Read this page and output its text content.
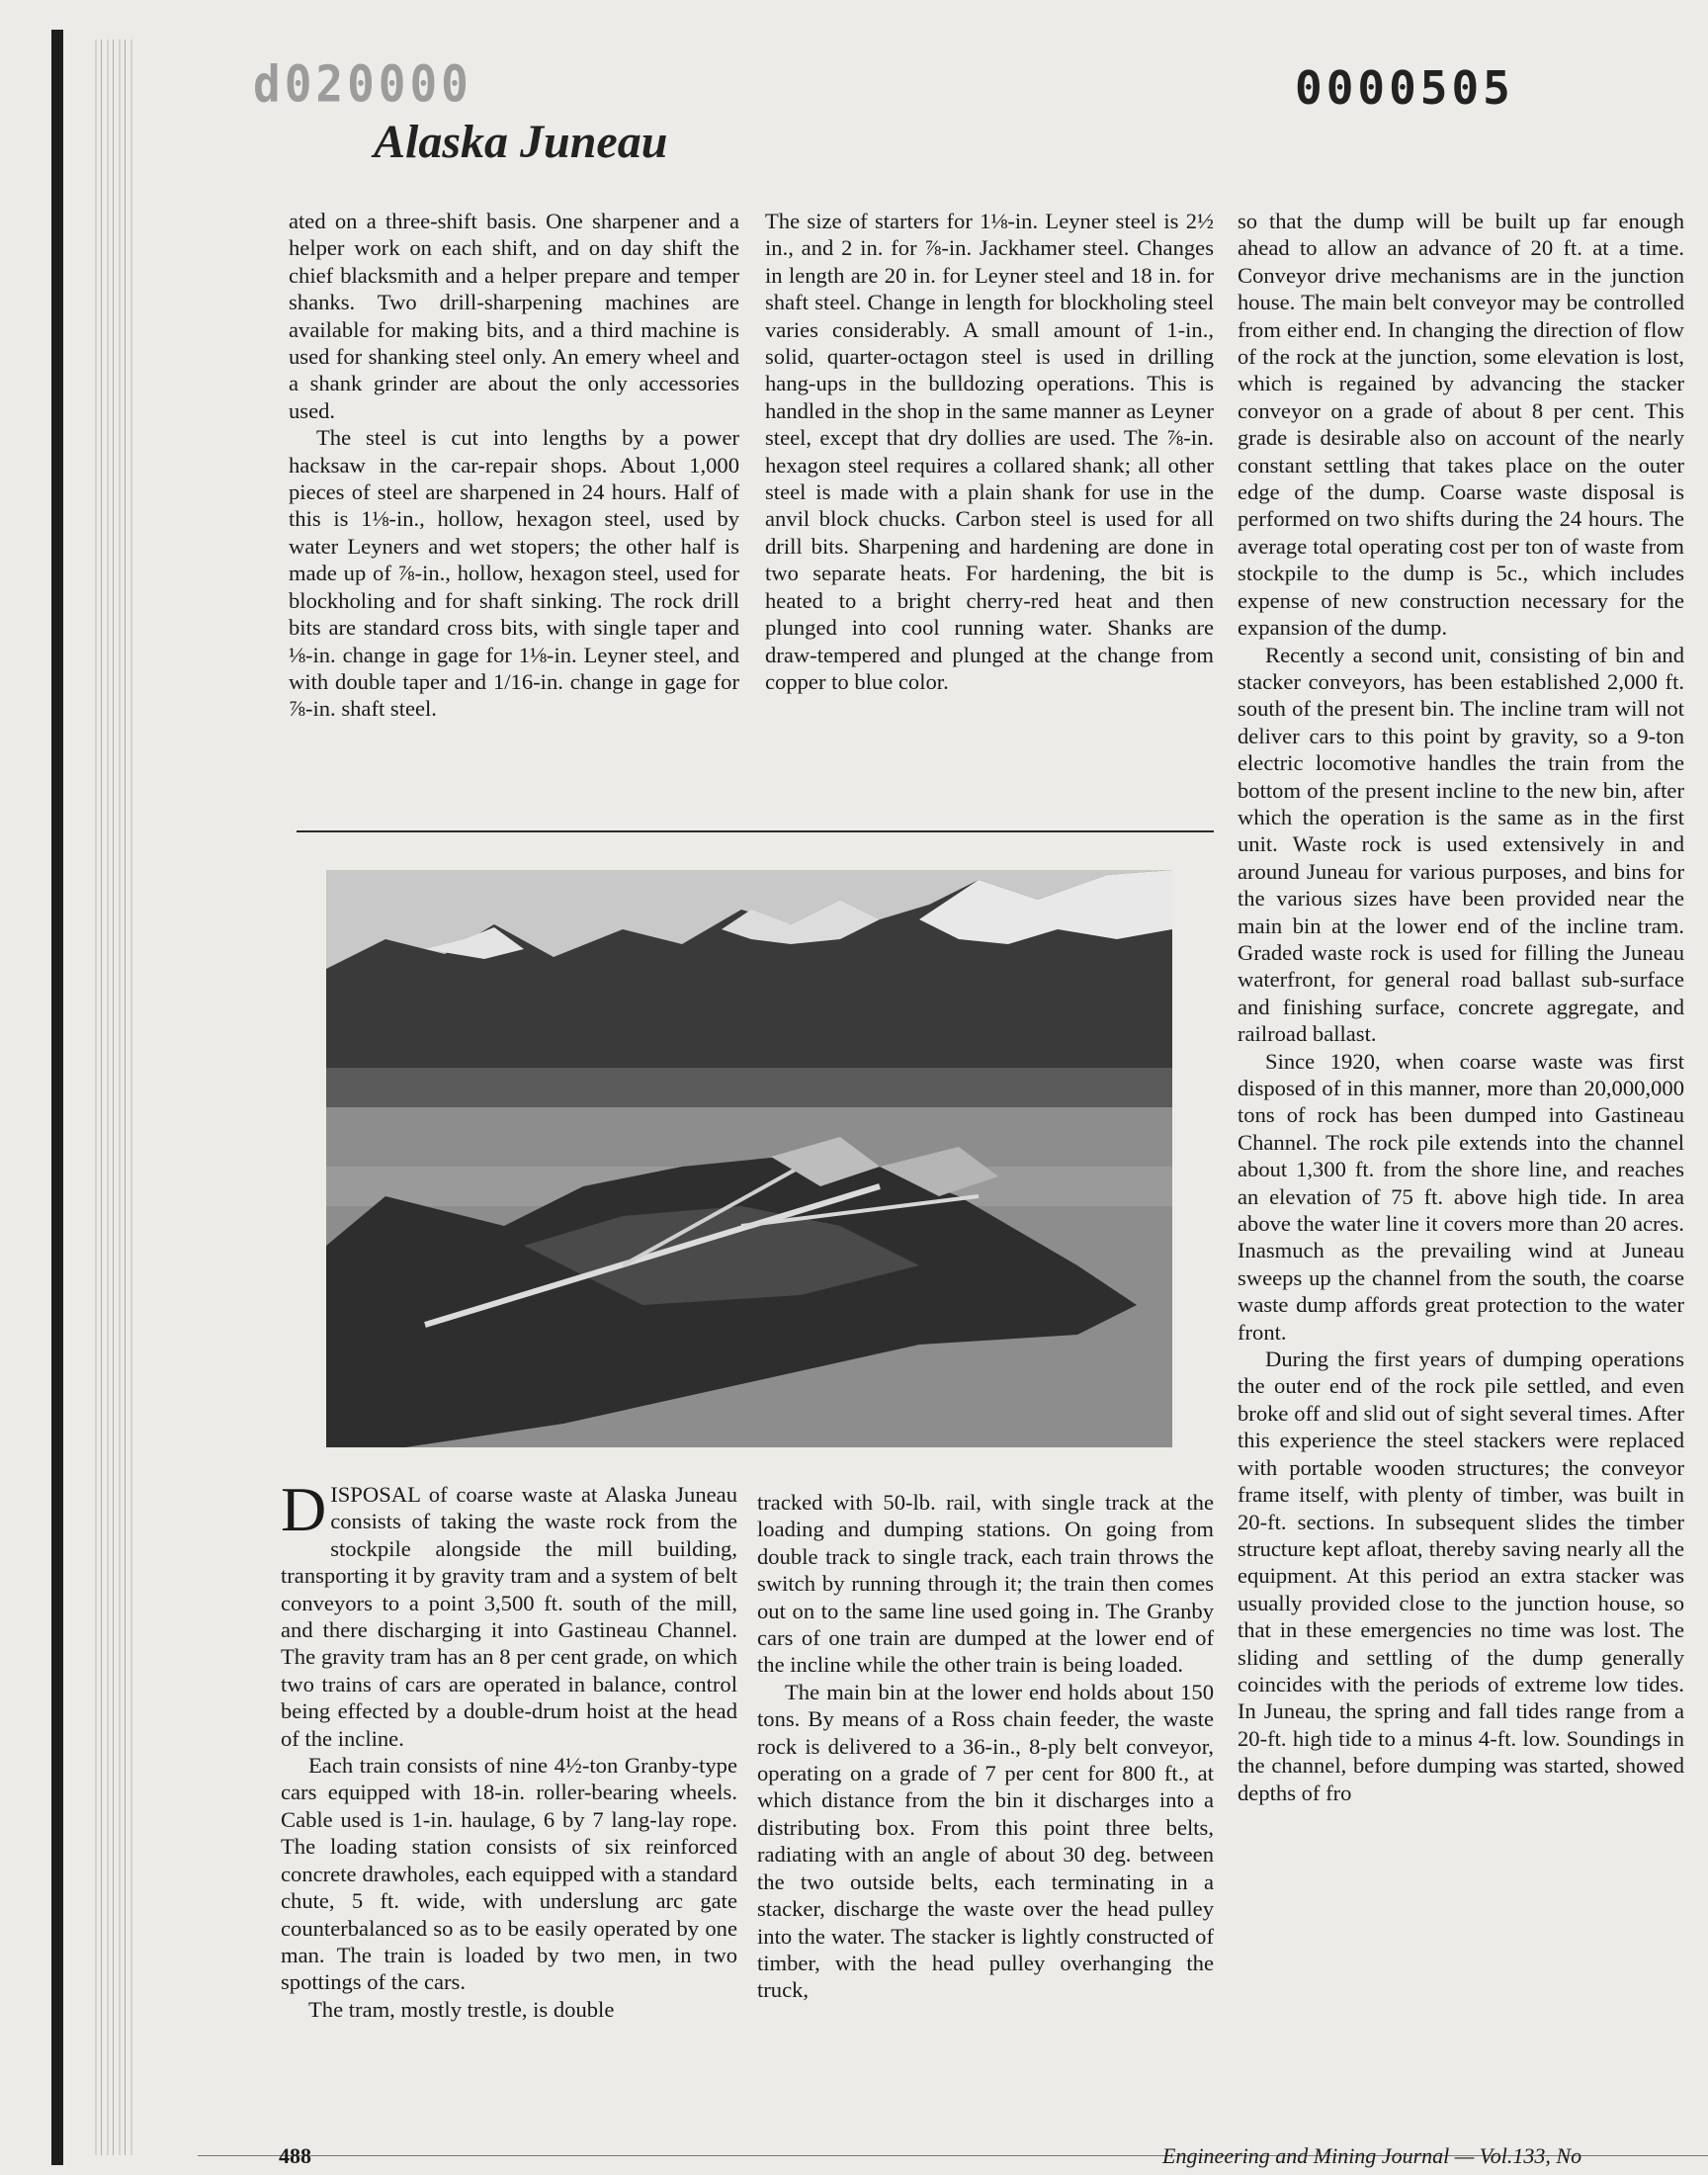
d020000	0000505
Alaska Juneau

ated on a three-shift basis. One sharpener and a helper work on each shift, and on day shift the chief blacksmith and a helper prepare and temper shanks. Two drill-sharpening machines are available for making bits, and a third machine is used for shanking steel only. An emery wheel and a shank grinder are about the only accessories used.

The steel is cut into lengths by a power hacksaw in the car-repair shops. About 1,000 pieces of steel are sharpened in 24 hours. Half of this is 1⅛-in., hollow, hexagon steel, used by water Leyners and wet stopers; the other half is made up of ⅞-in., hollow, hexagon steel, used for blockholing and for shaft sinking. The rock drill bits are standard cross bits, with single taper and ⅛-in. change in gage for 1⅛-in. Leyner steel, and with double taper and 1/16-in. change in gage for ⅞-in. shaft steel.

The size of starters for 1⅛-in. Leyner steel is 2½ in., and 2 in. for ⅞-in. Jackhamer steel. Changes in length are 20 in. for Leyner steel and 18 in. for shaft steel. Change in length for blockholing steel varies considerably. A small amount of 1-in., solid, quarter-octagon steel is used in drilling hang-ups in the bulldozing operations. This is handled in the shop in the same manner as Leyner steel, except that dry dollies are used. The ⅞-in. hexagon steel requires a collared shank; all other steel is made with a plain shank for use in the anvil block chucks. Carbon steel is used for all drill bits. Sharpening and hardening are done in two separate heats. For hardening, the bit is heated to a bright cherry-red heat and then plunged into cool running water. Shanks are draw-tempered and plunged at the change from copper to blue color.

DISPOSAL of coarse waste at Alaska Juneau consists of taking the waste rock from the stockpile alongside the mill building, transporting it by gravity tram and a system of belt conveyors to a point 3,500 ft. south of the mill, and there discharging it into Gastineau Channel. The gravity tram has an 8 per cent grade, on which two trains of cars are operated in balance, control being effected by a double-drum hoist at the head of the incline.

Each train consists of nine 4½-ton Granby-type cars equipped with 18-in. roller-bearing wheels. Cable used is 1-in. haulage, 6 by 7 lang-lay rope. The loading station consists of six reinforced concrete drawholes, each equipped with a standard chute, 5 ft. wide, with underslung arc gate counterbalanced so as to be easily operated by one man. The train is loaded by two men, in two spottings of the cars.

The tram, mostly trestle, is double

tracked with 50-lb. rail, with single track at the loading and dumping stations. On going from double track to single track, each train throws the switch by running through it; the train then comes out on to the same line used going in. The Granby cars of one train are dumped at the lower end of the incline while the other train is being loaded.

The main bin at the lower end holds about 150 tons. By means of a Ross chain feeder, the waste rock is delivered to a 36-in., 8-ply belt conveyor, operating on a grade of 7 per cent for 800 ft., at which distance from the bin it discharges into a distributing box. From this point three belts, radiating with an angle of about 30 deg. between the two outside belts, each terminating in a stacker, discharge the waste over the head pulley into the water. The stacker is lightly constructed of timber, with the head pulley overhanging the truck,

so that the dump will be built up far enough ahead to allow an advance of 20 ft. at a time. Conveyor drive mechanisms are in the junction house. The main belt conveyor may be controlled from either end. In changing the direction of flow of the rock at the junction, some elevation is lost, which is regained by advancing the stacker conveyor on a grade of about 8 per cent. This grade is desirable also on account of the nearly constant settling that takes place on the outer edge of the dump. Coarse waste disposal is performed on two shifts during the 24 hours. The average total operating cost per ton of waste from stockpile to the dump is 5c., which includes expense of new construction necessary for the expansion of the dump.

Recently a second unit, consisting of bin and stacker conveyors, has been established 2,000 ft. south of the present bin. The incline tram will not deliver cars to this point by gravity, so a 9-ton electric locomotive handles the train from the bottom of the present incline to the new bin, after which the operation is the same as in the first unit. Waste rock is used extensively in and around Juneau for various purposes, and bins for the various sizes have been provided near the main bin at the lower end of the incline tram. Graded waste rock is used for filling the Juneau waterfront, for general road ballast sub-surface and finishing surface, concrete aggregate, and railroad ballast.

Since 1920, when coarse waste was first disposed of in this manner, more than 20,000,000 tons of rock has been dumped into Gastineau Channel. The rock pile extends into the channel about 1,300 ft. from the shore line, and reaches an elevation of 75 ft. above high tide. In area above the water line it covers more than 20 acres. Inasmuch as the prevailing wind at Juneau sweeps up the channel from the south, the coarse waste dump affords great protection to the water front.

During the first years of dumping operations the outer end of the rock pile settled, and even broke off and slid out of sight several times. After this experience the steel stackers were replaced with portable wooden structures; the conveyor frame itself, with plenty of timber, was built in 20-ft. sections. In subsequent slides the timber structure kept afloat, thereby saving nearly all the equipment. At this period an extra stacker was usually provided close to the junction house, so that in these emergencies no time was lost. The sliding and settling of the dump generally coincides with the periods of extreme low tides. In Juneau, the spring and fall tides range from a 20-ft. high tide to a minus 4-ft. low. Soundings in the channel, before dumping was started, showed depths of fro

488	Engineering and Mining Journal — Vol.133, No
